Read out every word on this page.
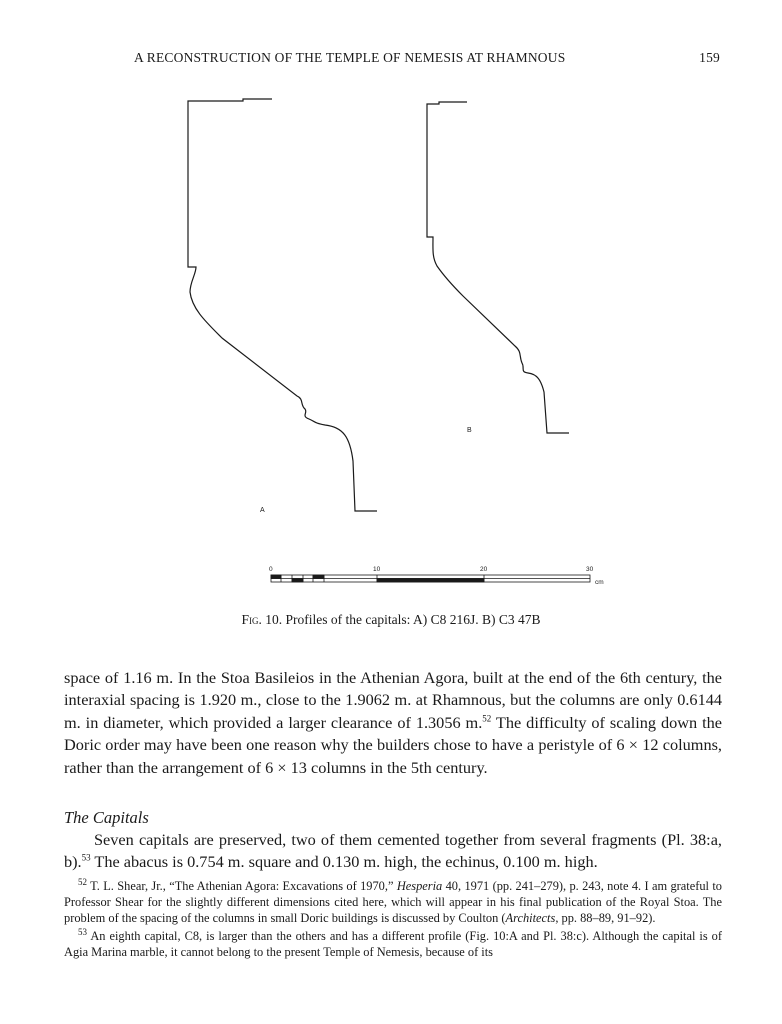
A RECONSTRUCTION OF THE TEMPLE OF NEMESIS AT RHAMNOUS	159
A
B
0	10	20	30
cm
Fig. 10. Profiles of the capitals: A) C8 216J. B) C3 47B
space of 1.16 m. In the Stoa Basileios in the Athenian Agora, built at the end of the 6th century, the interaxial spacing is 1.920 m., close to the 1.9062 m. at Rhamnous, but the columns are only 0.6144 m. in diameter, which provided a larger clearance of 1.3056 m.$^{52}$ The difficulty of scaling down the Doric order may have been one reason why the builders chose to have a peristyle of 6 × 12 columns, rather than the arrangement of 6 × 13 columns in the 5th century.
The Capitals
Seven capitals are preserved, two of them cemented together from several fragments (Pl. 38:a, b).$^{53}$ The abacus is 0.754 m. square and 0.130 m. high, the echinus, 0.100 m. high.

$^{52}$ T. L. Shear, Jr., “The Athenian Agora: Excavations of 1970,” Hesperia 40, 1971 (pp. 241–279), p. 243, note 4. I am grateful to Professor Shear for the slightly different dimensions cited here, which will appear in his final publication of the Royal Stoa. The problem of the spacing of the columns in small Doric buildings is discussed by Coulton (Architects, pp. 88–89, 91–92).

$^{53}$ An eighth capital, C8, is larger than the others and has a different profile (Fig. 10:A and Pl. 38:c). Although the capital is of Agia Marina marble, it cannot belong to the present Temple of Nemesis, because of its
